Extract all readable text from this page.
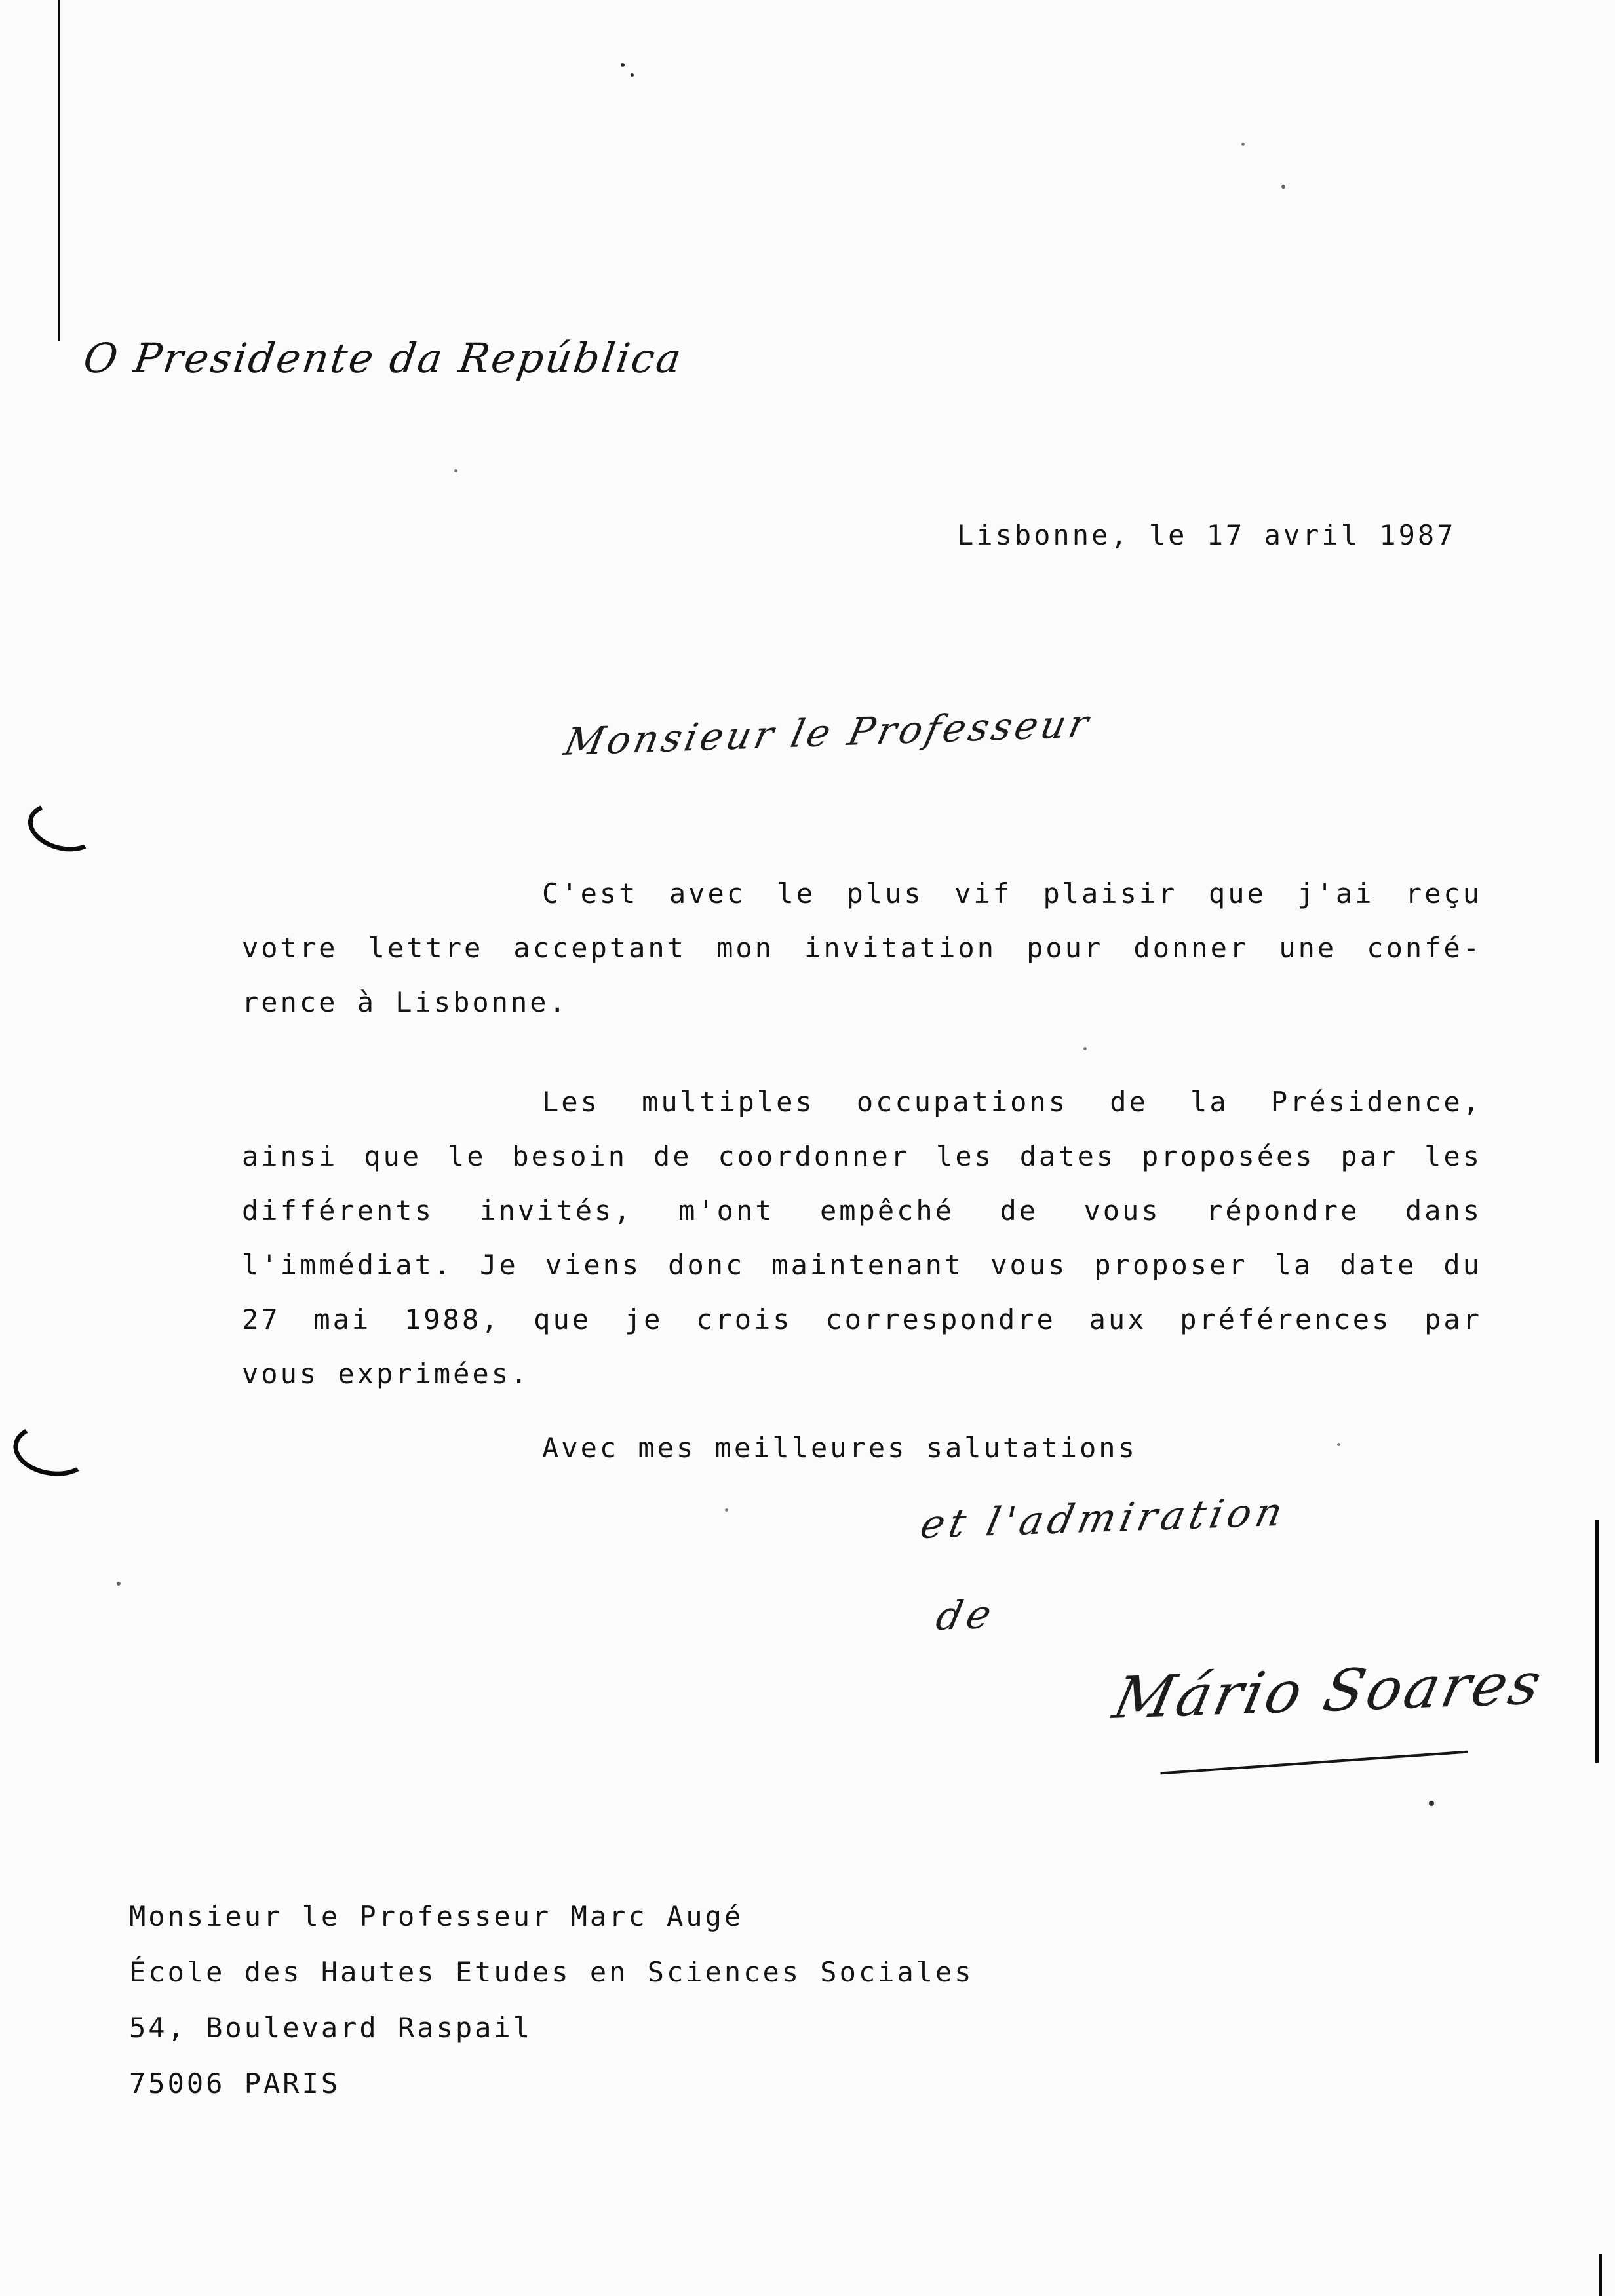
O Presidente da República
Lisbonne, le 17 avril 1987
Monsieur le Professeur
C'est avec le plus vif plaisir que j'ai reçu
votre lettre acceptant mon invitation pour donner une confé-
rence à Lisbonne.
Les multiples occupations de la Présidence,
ainsi que le besoin de coordonner les dates proposées par les
différents invités, m'ont empêché de vous répondre dans
l'immédiat. Je viens donc maintenant vous proposer la date du
27 mai 1988, que je crois correspondre aux préférences par
vous exprimées.
Avec mes meilleures salutations
et l'admiration
de
Mário Soares
Monsieur le Professeur Marc Augé
École des Hautes Etudes en Sciences Sociales
54, Boulevard Raspail
75006 PARIS
